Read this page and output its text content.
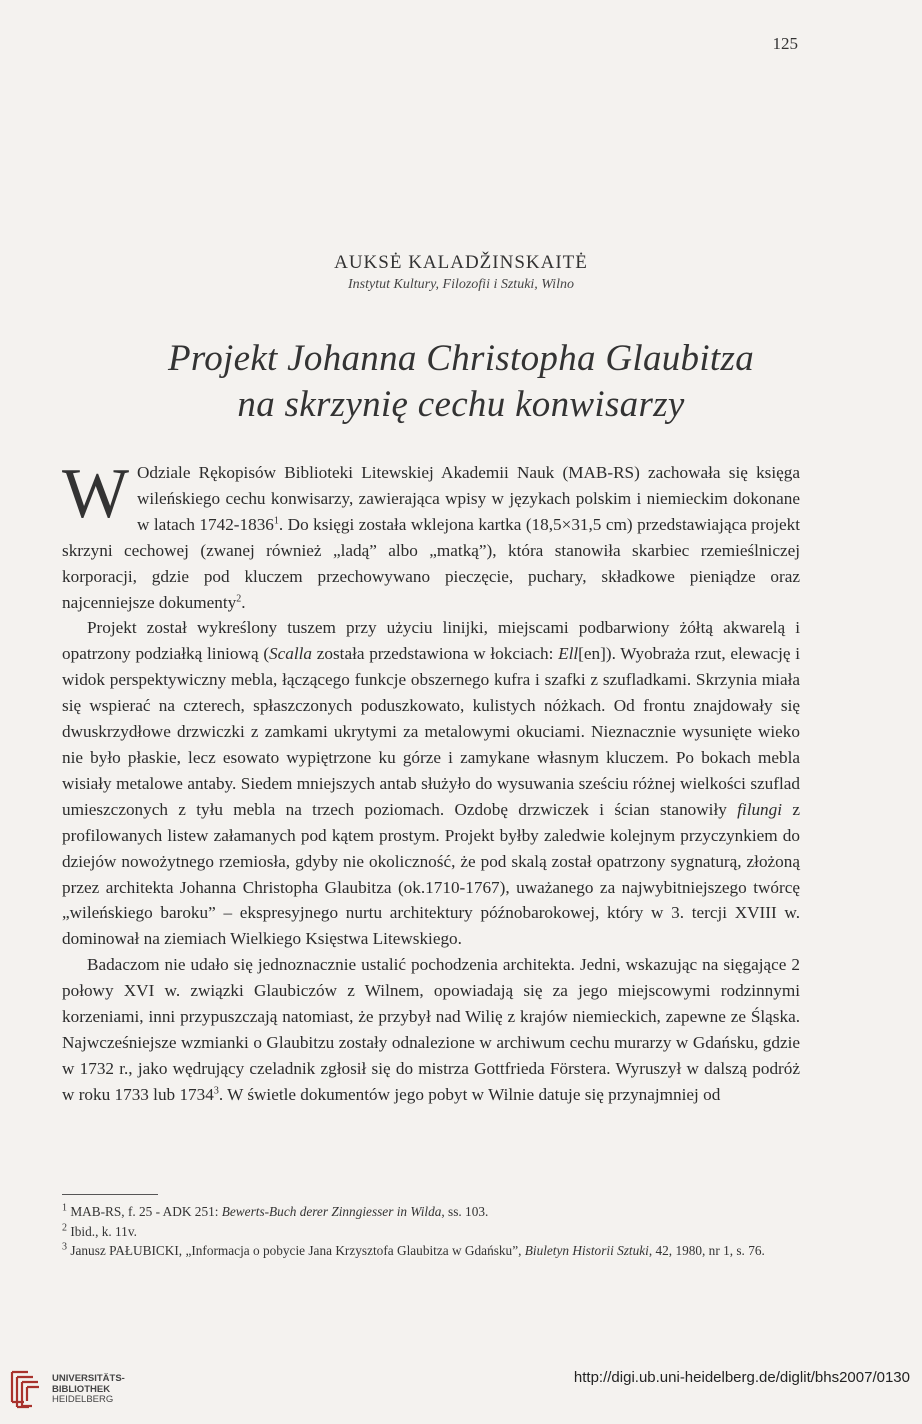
125
AUKSĖ KALADŽINSKAITĖ
Instytut Kultury, Filozofii i Sztuki, Wilno
Projekt Johanna Christopha Glaubitza
na skrzynię cechu konwisarzy

W Odziale Rękopisów Biblioteki Litewskiej Akademii Nauk (MAB-RS) zachowała się księga wileńskiego cechu konwisarzy, zawierająca wpisy w językach polskim i niemieckim dokonane w latach 1742-1836$^1$. Do księgi została wklejona kartka (18,5×31,5 cm) przedstawiająca projekt skrzyni cechowej (zwanej również „ladą” albo „matką”), która stanowiła skarbiec rzemieślniczej korporacji, gdzie pod kluczem przechowywano pieczęcie, puchary, składkowe pieniądze oraz najcenniejsze dokumenty$^2$.

Projekt został wykreślony tuszem przy użyciu linijki, miejscami podbarwiony żółtą akwarelą i opatrzony podziałką liniową (Scalla została przedstawiona w łokciach: Ell[en]). Wyobraża rzut, elewację i widok perspektywiczny mebla, łączącego funkcje obszernego kufra i szafki z szufladkami. Skrzynia miała się wspierać na czterech, spłaszczonych poduszkowato, kulistych nóżkach. Od frontu znajdowały się dwuskrzydłowe drzwiczki z zamkami ukrytymi za metalowymi okuciami. Nieznacznie wysunięte wieko nie było płaskie, lecz esowato wypiętrzone ku górze i zamykane własnym kluczem. Po bokach mebla wisiały metalowe antaby. Siedem mniejszych antab służyło do wysuwania sześciu różnej wielkości szuflad umieszczonych z tyłu mebla na trzech poziomach. Ozdobę drzwiczek i ścian stanowiły filungi z profilowanych listew załamanych pod kątem prostym. Projekt byłby zaledwie kolejnym przyczynkiem do dziejów nowożytnego rzemiosła, gdyby nie okoliczność, że pod skalą został opatrzony sygnaturą, złożoną przez architekta Johanna Christopha Glaubitza (ok.1710-1767), uważanego za najwybitniejszego twórcę „wileńskiego baroku” – ekspresyjnego nurtu architektury późnobarokowej, który w 3. tercji XVIII w. dominował na ziemiach Wielkiego Księstwa Litewskiego.

Badaczom nie udało się jednoznacznie ustalić pochodzenia architekta. Jedni, wskazując na sięgające 2 połowy XVI w. związki Glaubiczów z Wilnem, opowiadają się za jego miejscowymi rodzinnymi korzeniami, inni przypuszczają natomiast, że przybył nad Wilię z krajów niemieckich, zapewne ze Śląska. Najwcześniejsze wzmianki o Glaubitzu zostały odnalezione w archiwum cechu murarzy w Gdańsku, gdzie w 1732 r., jako wędrujący czeladnik zgłosił się do mistrza Gottfrieda Förstera. Wyruszył w dalszą podróż w roku 1733 lub 1734$^3$. W świetle dokumentów jego pobyt w Wilnie datuje się przynajmniej od

$^1$ MAB-RS, f. 25 - ADK 251: Bewerts-Buch derer Zinngiesser in Wilda, ss. 103.

$^2$ Ibid., k. 11v.

$^3$ Janusz PAŁUBICKI, „Informacja o pobycie Jana Krzysztofa Glaubitza w Gdańsku”, Biuletyn Historii Sztuki, 42, 1980, nr 1, s. 76.

UNIVERSITÄTS-
BIBLIOTHEK
HEIDELBERG
http://digi.ub.uni-heidelberg.de/diglit/bhs2007/0130
